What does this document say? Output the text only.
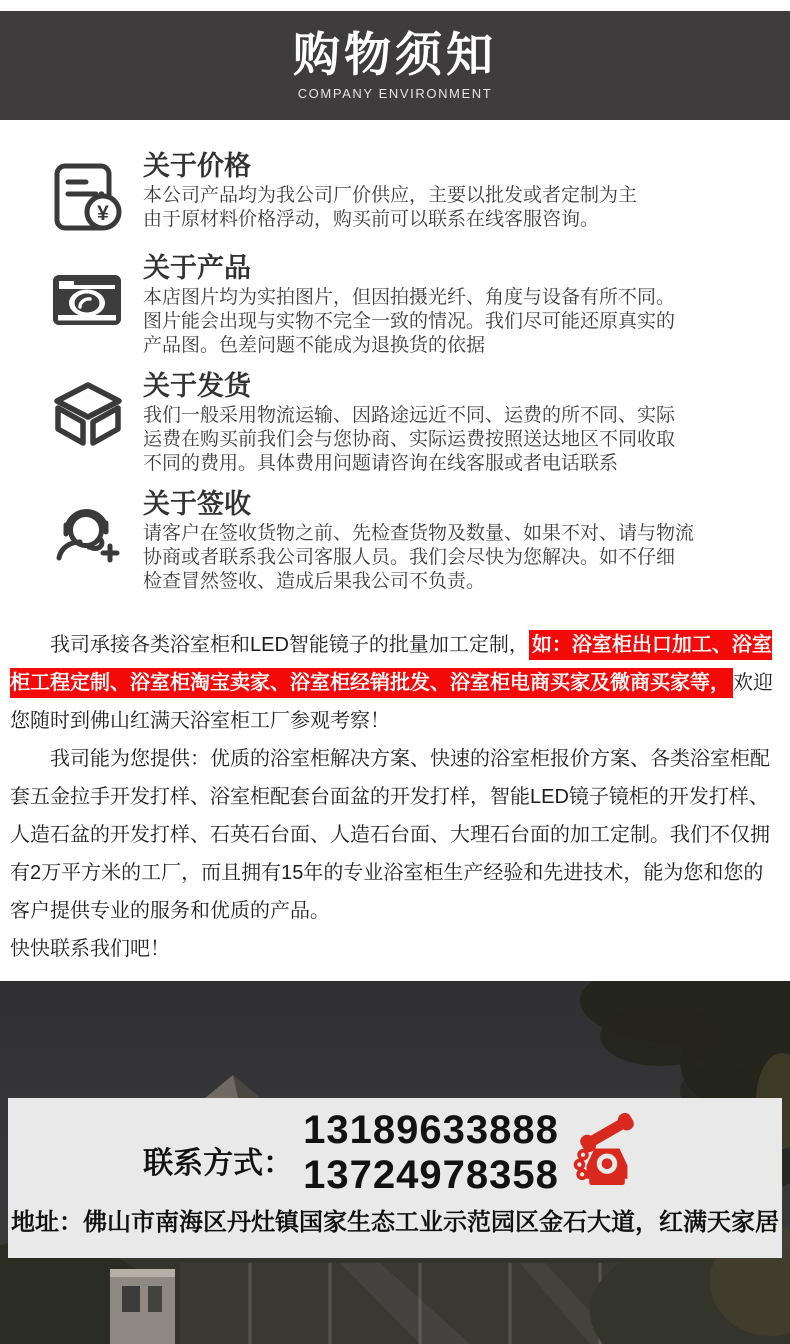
购物须知
COMPANY ENVIRONMENT
¥
关于价格
本公司产品均为我公司厂价供应，主要以批发或者定制为主
由于原材料价格浮动，购买前可以联系在线客服咨询。
关于产品
本店图片均为实拍图片，但因拍摄光纤、角度与设备有所不同。
图片能会出现与实物不完全一致的情况。我们尽可能还原真实的
产品图。色差问题不能成为退换货的依据
关于发货
我们一般采用物流运输、因路途远近不同、运费的所不同、实际
运费在购买前我们会与您协商、实际运费按照送达地区不同收取
不同的费用。具体费用问题请咨询在线客服或者电话联系
关于签收
请客户在签收货物之前、先检查货物及数量、如果不对、请与物流
协商或者联系我公司客服人员。我们会尽快为您解决。如不仔细
检查冒然签收、造成后果我公司不负责。

我司承接各类浴室柜和LED智能镜子的批量加工定制， 如：浴室柜出口加工、浴室柜工程定制、浴室柜淘宝卖家、浴室柜经销批发、浴室柜电商买家及微商买家等， 欢迎您随时到佛山红满天浴室柜工厂参观考察！

我司能为您提供：优质的浴室柜解决方案、快速的浴室柜报价方案、各类浴室柜配套五金拉手开发打样、浴室柜配套台面盆的开发打样，智能LED镜子镜柜的开发打样、人造石盆的开发打样、石英石台面、人造石台面、大理石台面的加工定制。我们不仅拥有2万平方米的工厂，而且拥有15年的专业浴室柜生产经验和先进技术，能为您和您的客户提供专业的服务和优质的产品。

快快联系我们吧！

联系方式：
13189633888
13724978358
地址：佛山市南海区丹灶镇国家生态工业示范园区金石大道，红满天家居
